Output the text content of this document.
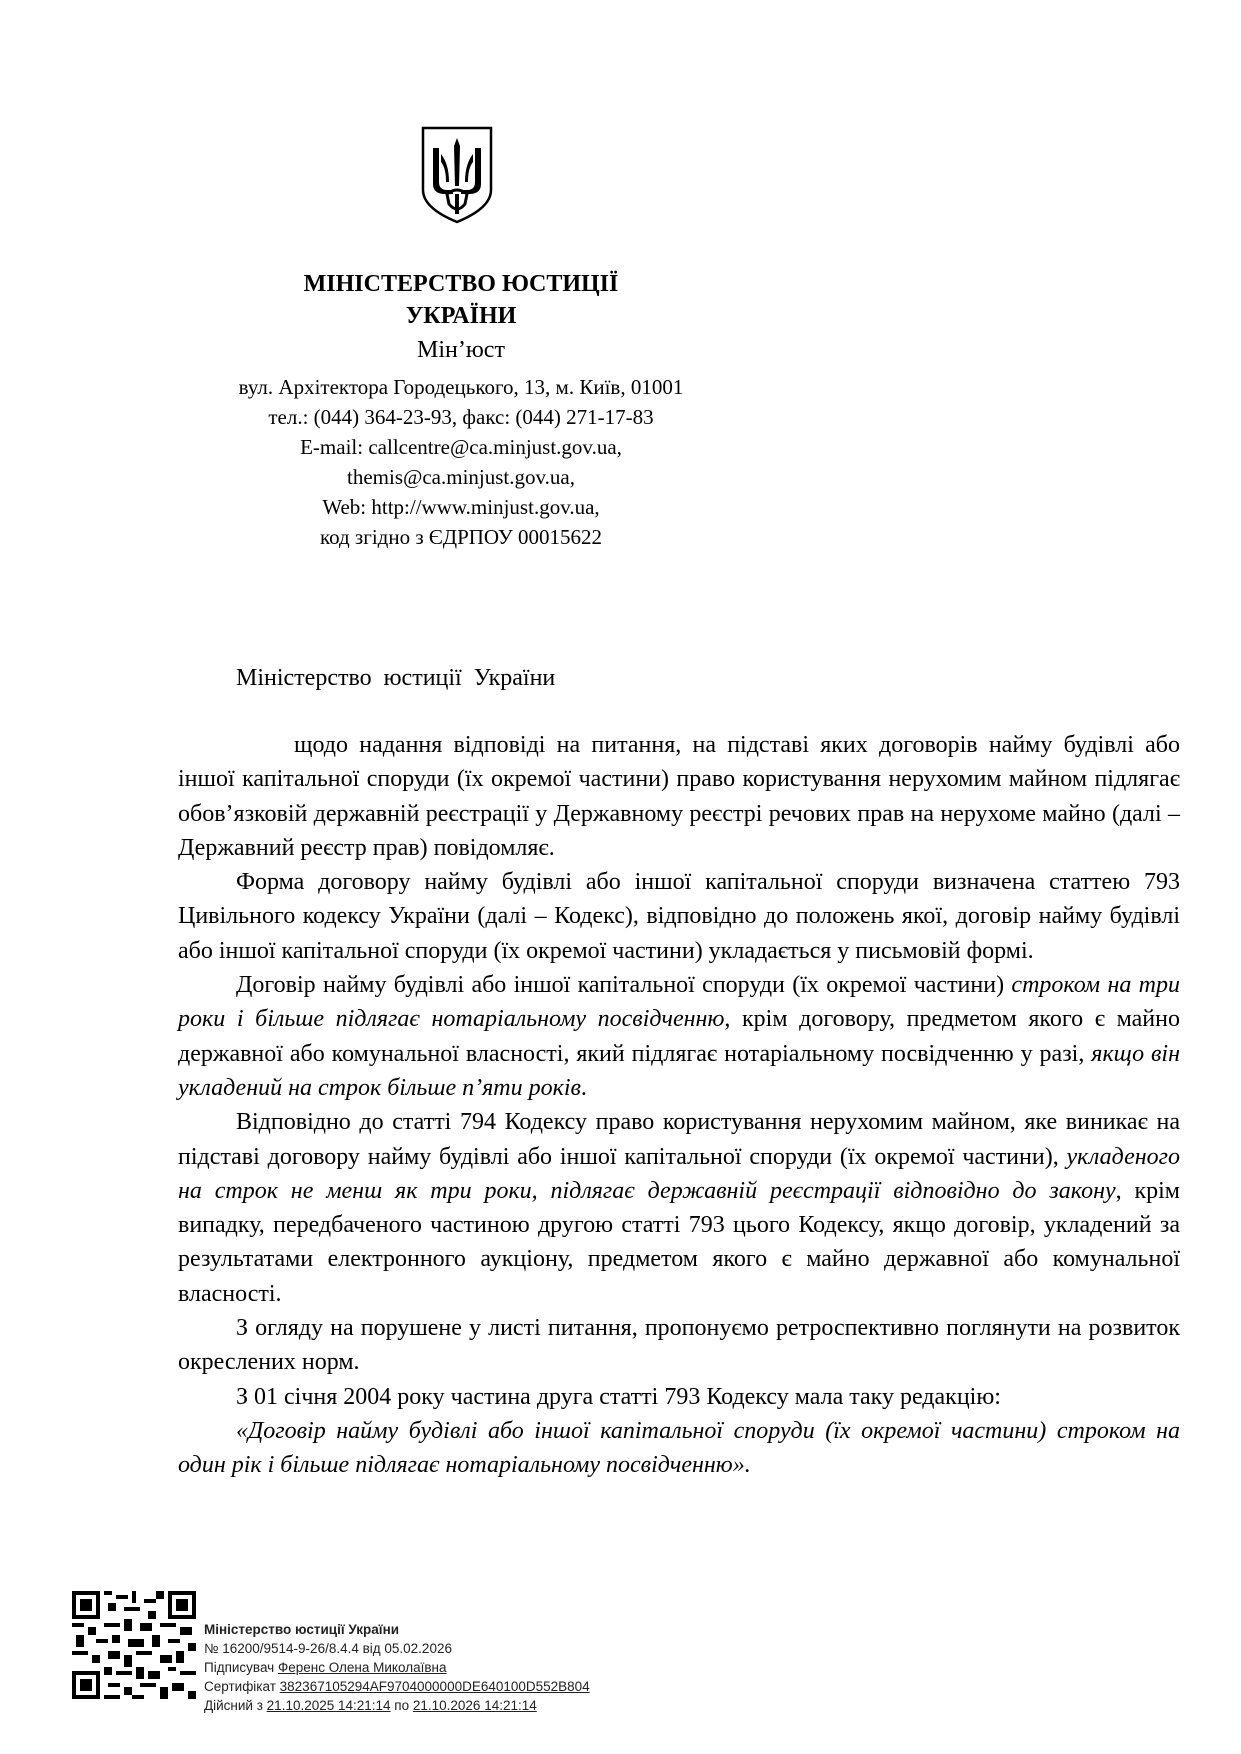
МІНІСТЕРСТВО ЮСТИЦІЇ
УКРАЇНИ
Мін’юст
вул. Архітектора Городецького, 13, м. Київ, 01001
тел.: (044) 364-23-93, факс: (044) 271-17-83
E-mail: callcentre@ca.minjust.gov.ua,
themis@ca.minjust.gov.ua,
Web: http://www.minjust.gov.ua,
код згідно з ЄДРПОУ 00015622
Міністерство юстиції України

щодо надання відповіді на питання, на підставі яких договорів найму будівлі або іншої капітальної споруди (їх окремої частини) право користування нерухомим майном підлягає обов’язковій державній реєстрації у Державному реєстрі речових прав на нерухоме майно (далі – Державний реєстр прав) повідомляє.

Форма договору найму будівлі або іншої капітальної споруди визначена статтею 793 Цивільного кодексу України (далі – Кодекс), відповідно до положень якої, договір найму будівлі або іншої капітальної споруди (їх окремої частини) укладається у письмовій формі.

Договір найму будівлі або іншої капітальної споруди (їх окремої частини) строком на три роки і більше підлягає нотаріальному посвідченню, крім договору, предметом якого є майно державної або комунальної власності, який підлягає нотаріальному посвідченню у разі, якщо він укладений на строк більше п’яти років.

Відповідно до статті 794 Кодексу право користування нерухомим майном, яке виникає на підставі договору найму будівлі або іншої капітальної споруди (їх окремої частини), укладеного на строк не менш як три роки, підлягає державній реєстрації відповідно до закону, крім випадку, передбаченого частиною другою статті 793 цього Кодексу, якщо договір, укладений за результатами електронного аукціону, предметом якого є майно державної або комунальної власності.

З огляду на порушене у листі питання, пропонуємо ретроспективно поглянути на розвиток окреслених норм.

З 01 січня 2004 року частина друга статті 793 Кодексу мала таку редакцію:

«Договір найму будівлі або іншої капітальної споруди (їх окремої частини) строком на один рік і більше підлягає нотаріальному посвідченню».

Міністерство юстиції України
№ 16200/9514-9-26/8.4.4 від 05.02.2026
Підписувач Ференс Олена Миколаївна
Сертифікат 382367105294AF9704000000DE640100D552B804
Дійсний з 21.10.2025 14:21:14 по 21.10.2026 14:21:14
